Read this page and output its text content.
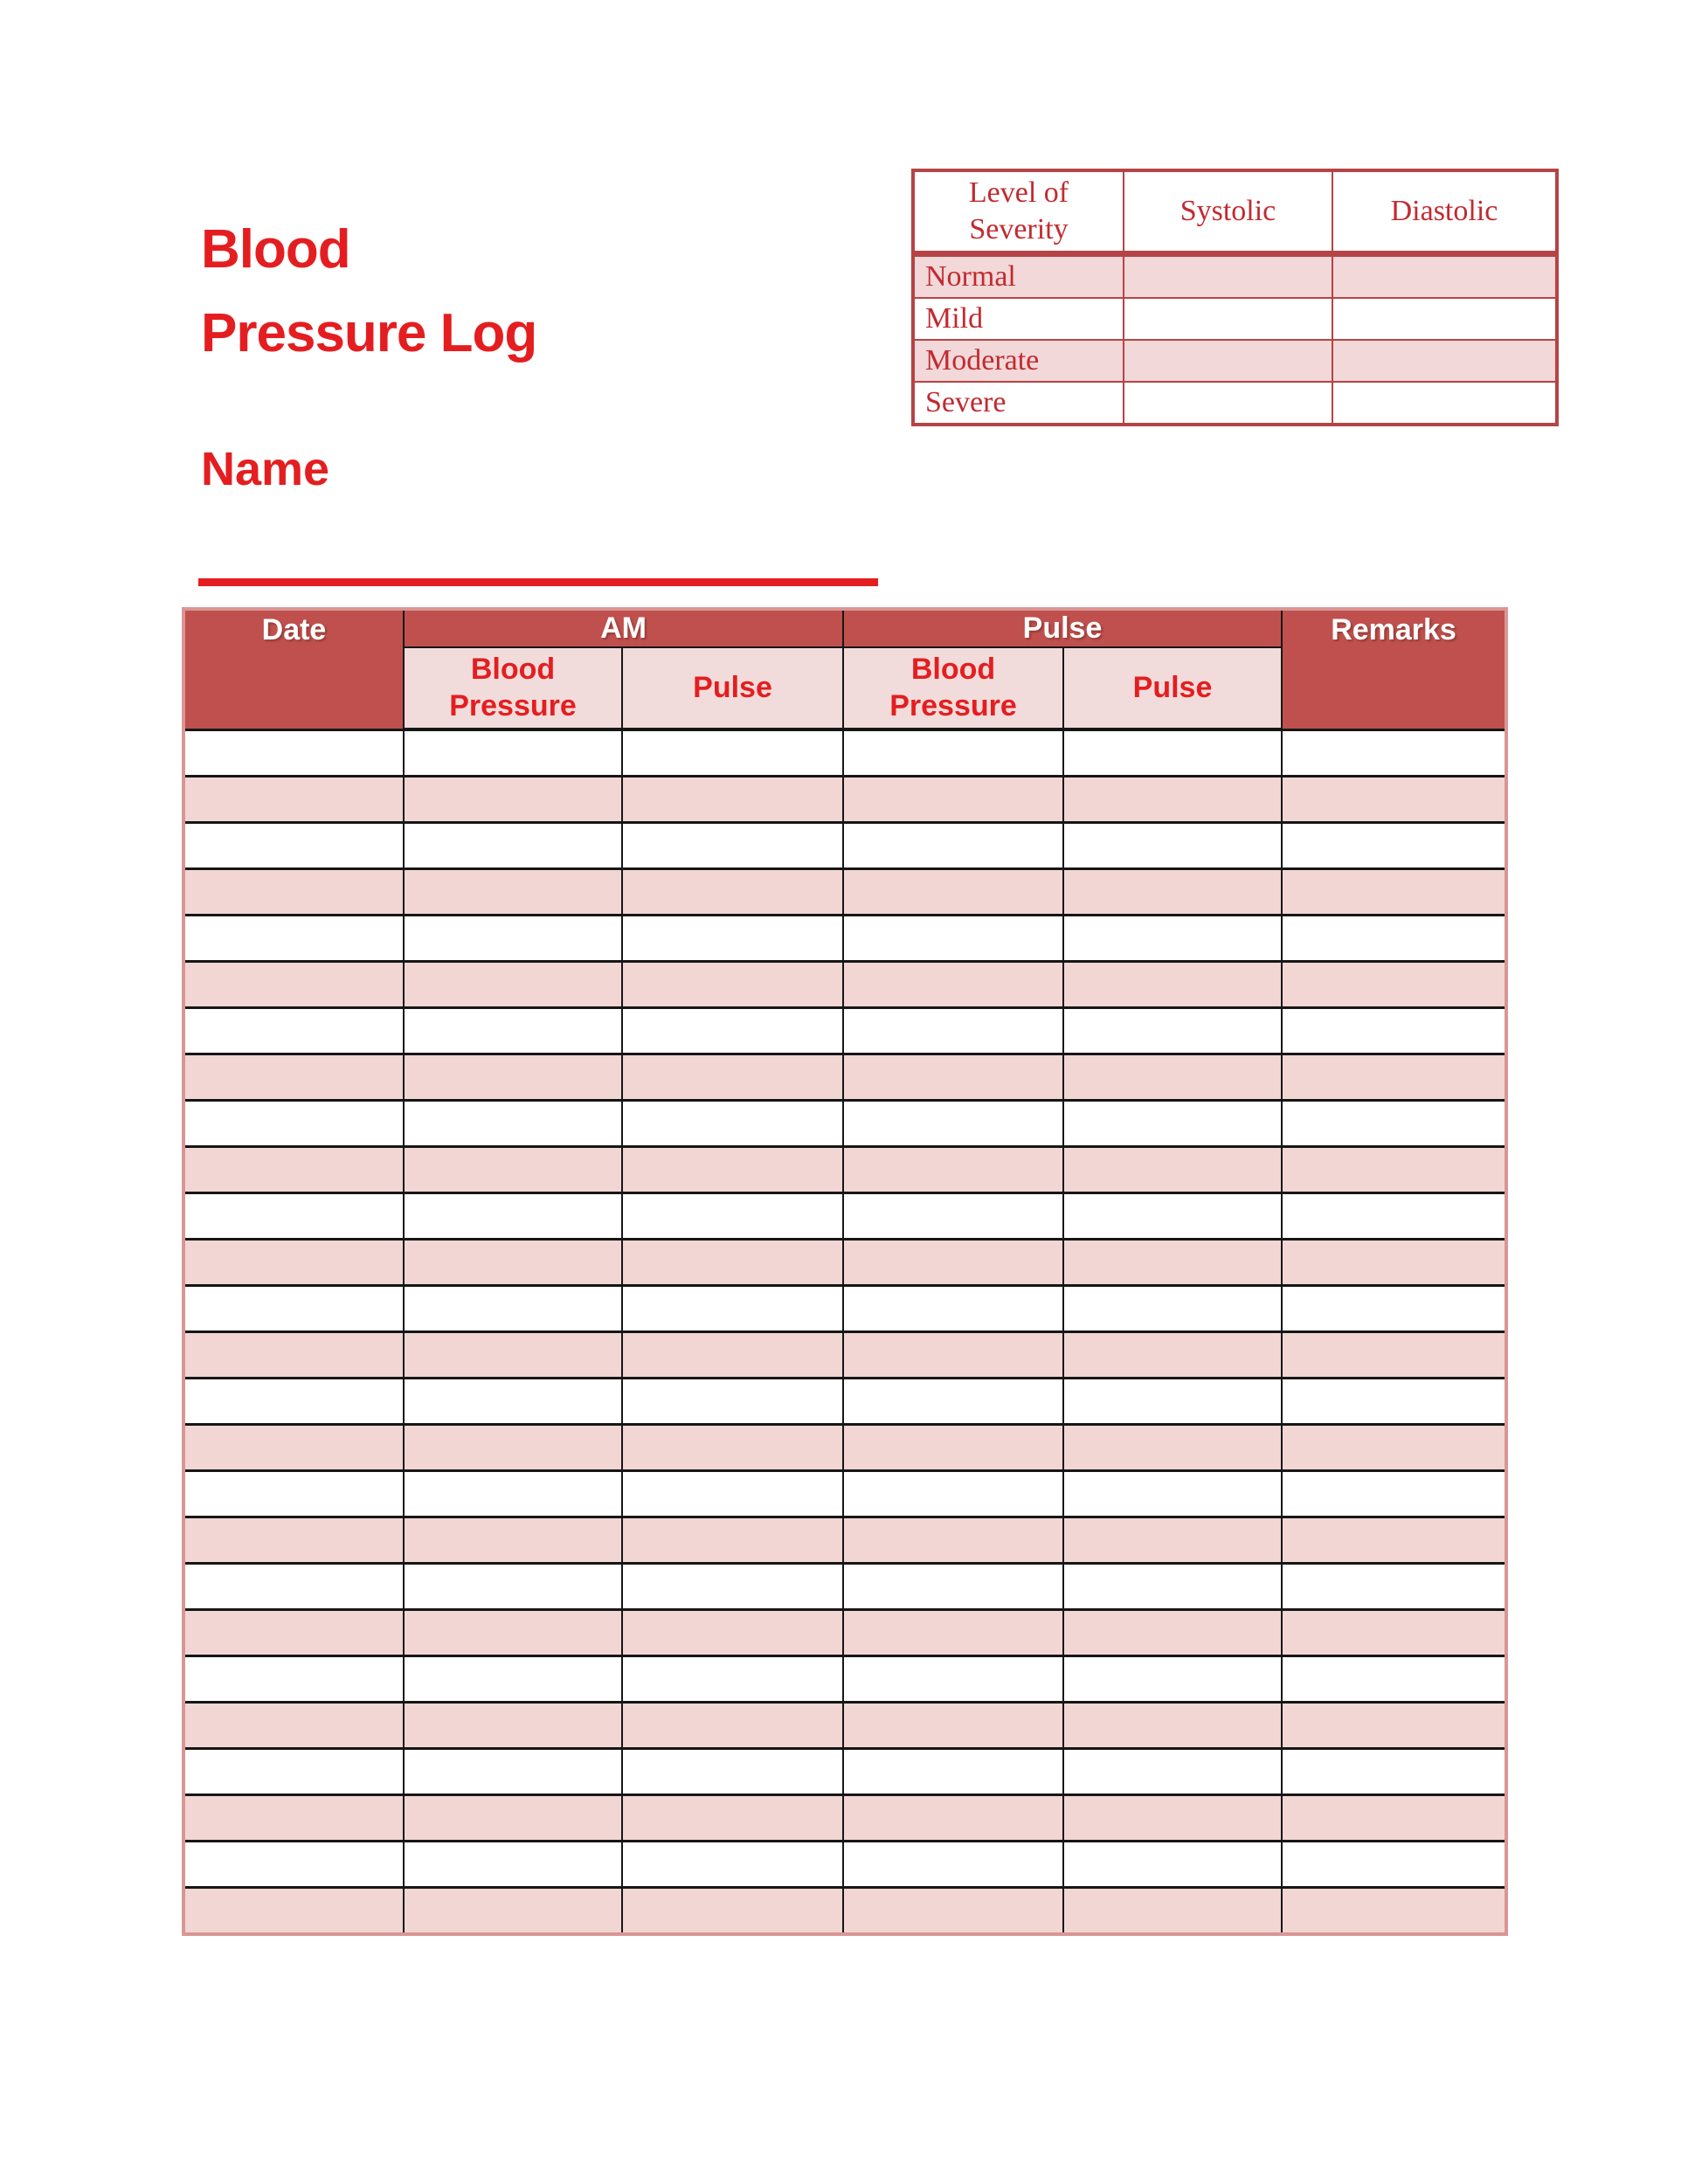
Blood
Pressure Log
Level of Severity	Systolic	Diastolic
Normal		
Mild		
Moderate		
Severe		
Name
Date	AM		Pulse		Remarks

	Blood Pressure	Pulse	Blood Pressure	Pulse	
